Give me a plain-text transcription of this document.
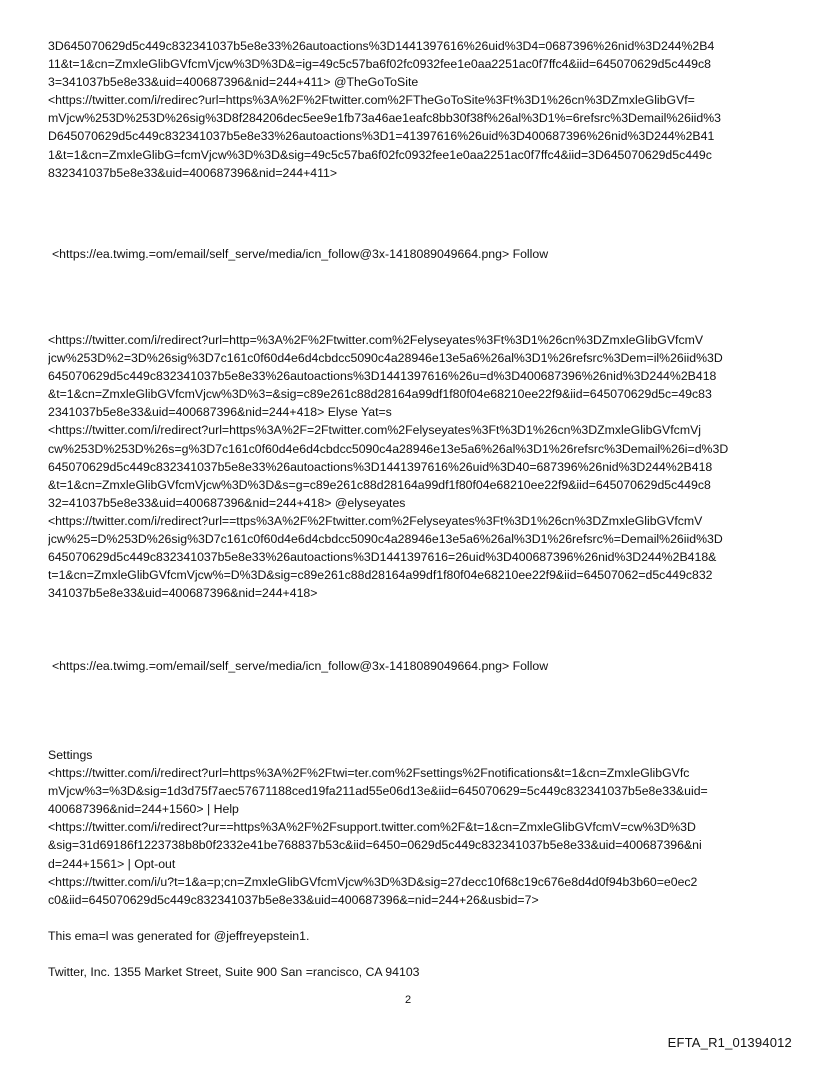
3D645070629d5c449c832341037b5e8e33%26autoactions%3D1441397616%26uid%3D4=0687396%26nid%3D244%2B4
11&t=1&cn=ZmxleGlibGVfcmVjcw%3D%3D&=ig=49c5c57ba6f02fc0932fee1e0aa2251ac0f7ffc4&iid=645070629d5c449c8
3=341037b5e8e33&uid=400687396&nid=244+411> @TheGoToSite
<https://twitter.com/i/redirec?url=https%3A%2F%2Ftwitter.com%2FTheGoToSite%3Ft%3D1%26cn%3DZmxleGlibGVf=
mVjcw%253D%253D%26sig%3D8f284206dec5ee9e1fb73a46ae1eafc8bb30f38f%26al%3D1%=6refsrc%3Demail%26iid%3
D645070629d5c449c832341037b5e8e33%26autoactions%3D1=41397616%26uid%3D400687396%26nid%3D244%2B41
1&t=1&cn=ZmxleGlibG=fcmVjcw%3D%3D&sig=49c5c57ba6f02fc0932fee1e0aa2251ac0f7ffc4&iid=3D645070629d5c449c
832341037b5e8e33&uid=400687396&nid=244+411>
<https://ea.twimg.=om/email/self_serve/media/icn_follow@3x-1418089049664.png> Follow
<https://twitter.com/i/redirect?url=http=%3A%2F%2Ftwitter.com%2Felyseyates%3Ft%3D1%26cn%3DZmxleGlibGVfcmV
jcw%253D%2=3D%26sig%3D7c161c0f60d4e6d4cbdcc5090c4a28946e13e5a6%26al%3D1%26refsrc%3Dem=il%26iid%3D
645070629d5c449c832341037b5e8e33%26autoactions%3D1441397616%26u=d%3D400687396%26nid%3D244%2B418
&t=1&cn=ZmxleGlibGVfcmVjcw%3D%3=&sig=c89e261c88d28164a99df1f80f04e68210ee22f9&iid=645070629d5c=49c83
2341037b5e8e33&uid=400687396&nid=244+418> Elyse Yat=s
<https://twitter.com/i/redirect?url=https%3A%2F=2Ftwitter.com%2Felyseyates%3Ft%3D1%26cn%3DZmxleGlibGVfcmVj
cw%253D%253D%26s=g%3D7c161c0f60d4e6d4cbdcc5090c4a28946e13e5a6%26al%3D1%26refsrc%3Demail%26i=d%3D
645070629d5c449c832341037b5e8e33%26autoactions%3D1441397616%26uid%3D40=687396%26nid%3D244%2B418
&t=1&cn=ZmxleGlibGVfcmVjcw%3D%3D&s=g=c89e261c88d28164a99df1f80f04e68210ee22f9&iid=645070629d5c449c8
32=41037b5e8e33&uid=400687396&nid=244+418> @elyseyates
<https://twitter.com/i/redirect?url==ttps%3A%2F%2Ftwitter.com%2Felyseyates%3Ft%3D1%26cn%3DZmxleGlibGVfcmV
jcw%25=D%253D%26sig%3D7c161c0f60d4e6d4cbdcc5090c4a28946e13e5a6%26al%3D1%26refsrc%=Demail%26iid%3D
645070629d5c449c832341037b5e8e33%26autoactions%3D1441397616=26uid%3D400687396%26nid%3D244%2B418&
t=1&cn=ZmxleGlibGVfcmVjcw%=D%3D&sig=c89e261c88d28164a99df1f80f04e68210ee22f9&iid=64507062=d5c449c832
341037b5e8e33&uid=400687396&nid=244+418>
<https://ea.twimg.=om/email/self_serve/media/icn_follow@3x-1418089049664.png> Follow
Settings
<https://twitter.com/i/redirect?url=https%3A%2F%2Ftwi=ter.com%2Fsettings%2Fnotifications&t=1&cn=ZmxleGlibGVfc
mVjcw%3=%3D&sig=1d3d75f7aec57671188ced19fa211ad55e06d13e&iid=645070629=5c449c832341037b5e8e33&uid=
400687396&nid=244+1560> | Help
<https://twitter.com/i/redirect?ur==https%3A%2F%2Fsupport.twitter.com%2F&t=1&cn=ZmxleGlibGVfcmV=cw%3D%3D
&sig=31d69186f1223738b8b0f2332e41be768837b53c&iid=6450=0629d5c449c832341037b5e8e33&uid=400687396&ni
d=244+1561> | Opt-out
<https://twitter.com/i/u?t=1&a=p;cn=ZmxleGlibGVfcmVjcw%3D%3D&sig=27decc10f68c19c676e8d4d0f94b3b60=e0ec2
c0&iid=645070629d5c449c832341037b5e8e33&uid=400687396&=nid=244+26&usbid=7>
This ema=l was generated for @jeffreyepstein1.
Twitter, Inc. 1355 Market Street, Suite 900 San =rancisco, CA 94103
2
EFTA_R1_01394012
